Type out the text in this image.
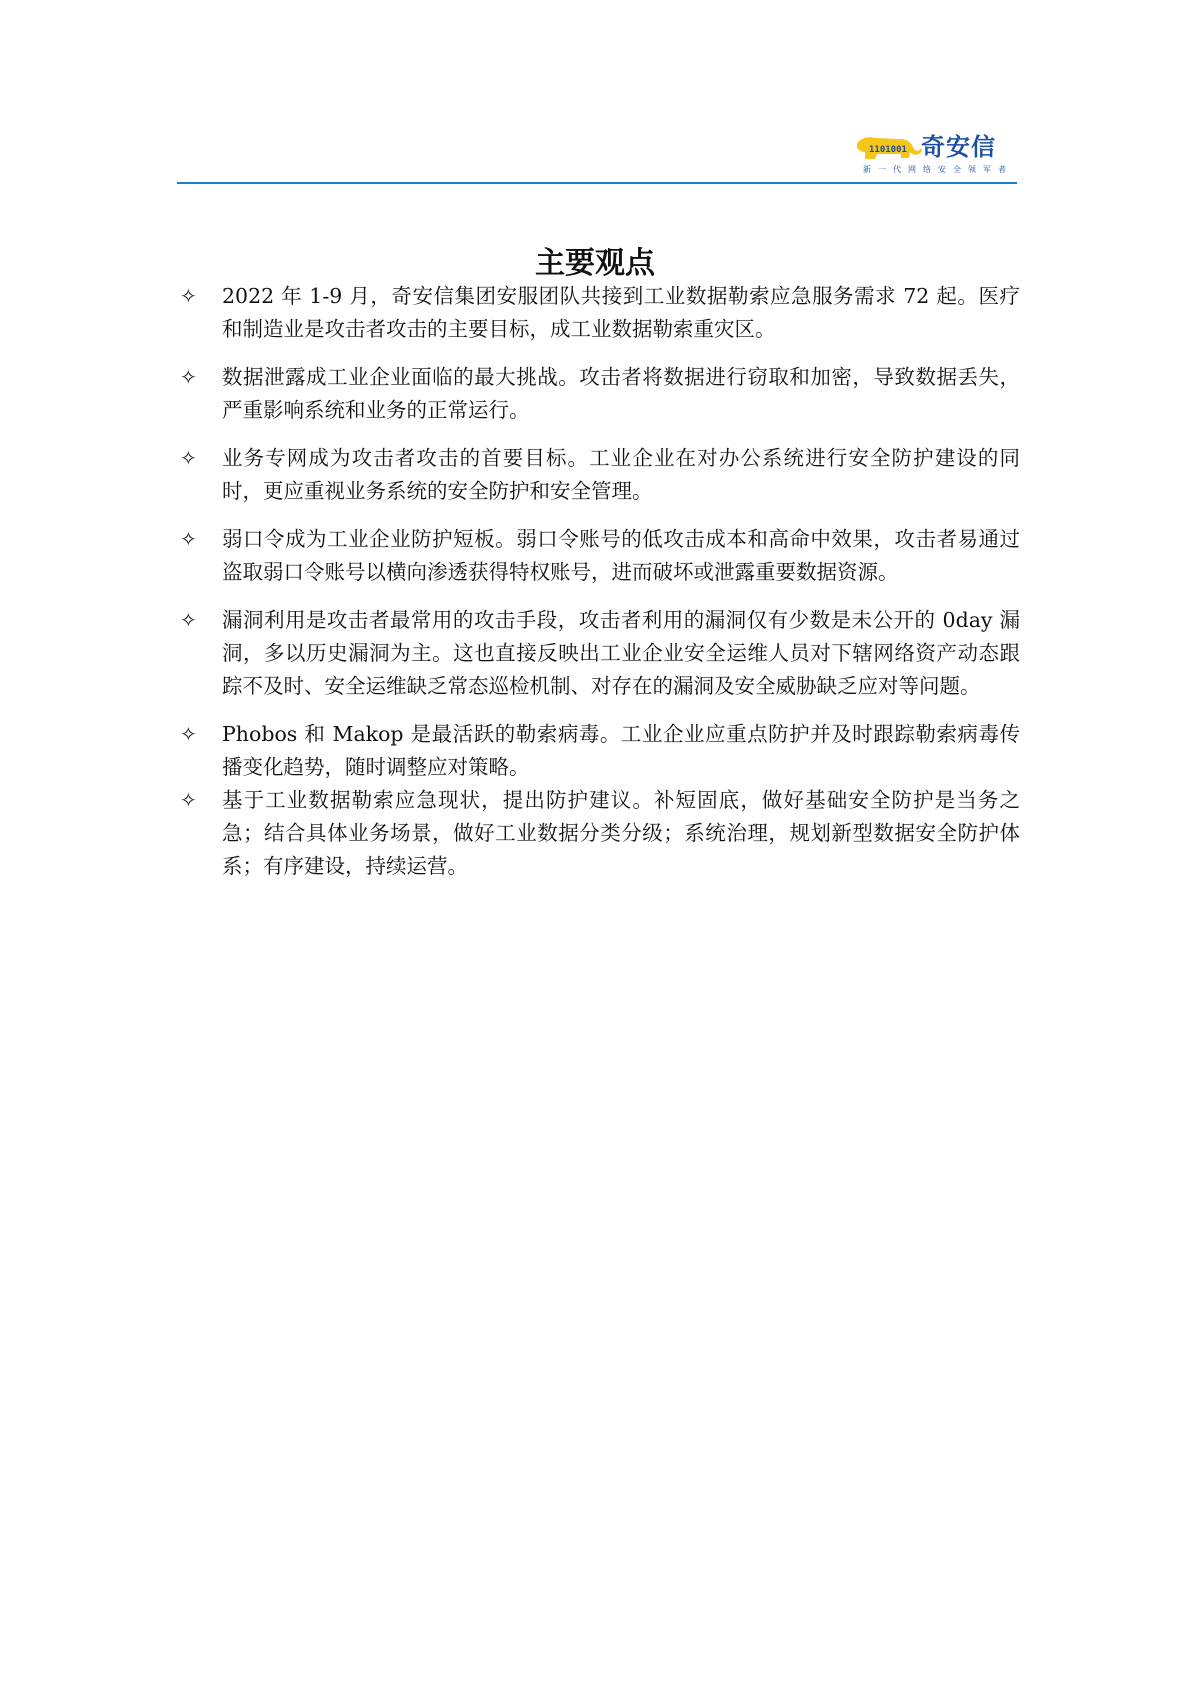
1101001 奇安信
新一代网络安全领军者
主要观点
✧ 2022 年 1-9 月，奇安信集团安服团队共接到工业数据勒索应急服务需求 72 起。医疗和制造业是攻击者攻击的主要目标，成工业数据勒索重灾区。
✧ 数据泄露成工业企业面临的最大挑战。攻击者将数据进行窃取和加密，导致数据丢失，严重影响系统和业务的正常运行。
✧ 业务专网成为攻击者攻击的首要目标。工业企业在对办公系统进行安全防护建设的同时，更应重视业务系统的安全防护和安全管理。
✧ 弱口令成为工业企业防护短板。弱口令账号的低攻击成本和高命中效果，攻击者易通过盗取弱口令账号以横向渗透获得特权账号，进而破坏或泄露重要数据资源。
✧ 漏洞利用是攻击者最常用的攻击手段，攻击者利用的漏洞仅有少数是未公开的 0day 漏洞，多以历史漏洞为主。这也直接反映出工业企业安全运维人员对下辖网络资产动态跟踪不及时、安全运维缺乏常态巡检机制、对存在的漏洞及安全威胁缺乏应对等问题。
✧ Phobos 和 Makop 是最活跃的勒索病毒。工业企业应重点防护并及时跟踪勒索病毒传播变化趋势，随时调整应对策略。
✧ 基于工业数据勒索应急现状，提出防护建议。补短固底，做好基础安全防护是当务之急；结合具体业务场景，做好工业数据分类分级；系统治理，规划新型数据安全防护体系；有序建设，持续运营。
